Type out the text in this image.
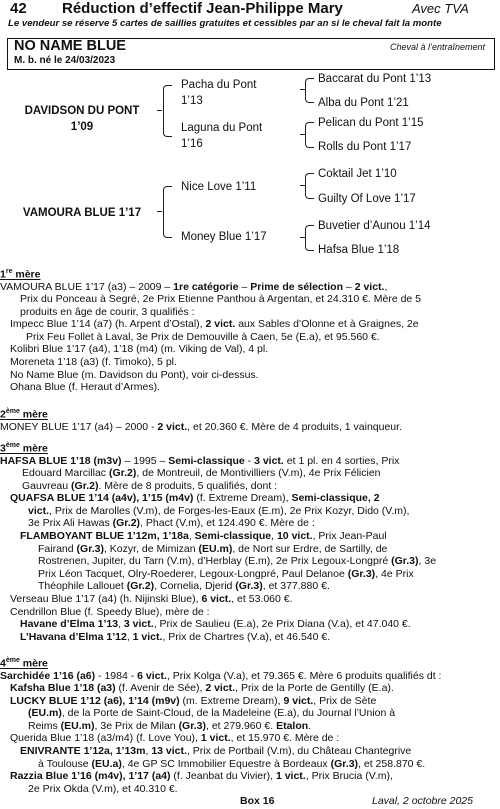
42 Réduction d’effectif Jean-Philippe Mary	Avec TVA
Le vendeur se réserve 5 cartes de saillies gratuites et cessibles par an si le cheval fait la monte
NO NAME BLUE	Cheval à l’entraînement
M. b. né le 24/03/2023
DAVIDSON DU PONT 1’09
VAMOURA BLUE 1’17
Pacha du Pont
1’13
Laguna du Pont
1’16
Nice Love 1’11
Money Blue 1’17
Baccarat du Pont 1’13
Alba du Pont 1’21
Pelican du Pont 1’15
Rolls du Pont 1’17
Coktail Jet 1’10
Guilty Of Love 1’17
Buvetier d’Aunou 1’14
Hafsa Blue 1’18
1re mère
VAMOURA BLUE 1’17 (a3) – 2009 – 1re catégorie – Prime de sélection – 2 vict.,
Prix du Ponceau à Segré, 2e Prix Etienne Panthou à Argentan, et 24.310 €. Mère de 5
produits en âge de courir, 3 qualifiés :
Impecc Blue 1’14 (a7) (h. Arpent d’Ostal), 2 vict. aux Sables d’Olonne et à Graignes, 2e
Prix Feu Follet à Laval, 3e Prix de Demouville à Caen, 5e (E.a), et 95.560 €.
Kolibri Blue 1’17 (a4), 1’18 (m4) (m. Viking de Val), 4 pl.
Moreneta 1’18 (a3) (f. Timoko), 5 pl.
No Name Blue (m. Davidson du Pont), voir ci-dessus.
Ohana Blue (f. Heraut d’Armes).
2ème mère
MONEY BLUE 1’17 (a4) – 2000 - 2 vict., et 20.360 €. Mère de 4 produits, 1 vainqueur.
3ème mère
HAFSA BLUE 1’18 (m3v) – 1995 – Semi-classique - 3 vict. et 1 pl. en 4 sorties, Prix
Edouard Marcillac (Gr.2), de Montreuil, de Montivilliers (V.m), 4e Prix Félicien
Gauvreau (Gr.2). Mère de 8 produits, 5 qualifiés, dont :
QUAFSA BLUE 1’14 (a4v), 1’15 (m4v) (f. Extreme Dream), Semi-classique, 2
vict., Prix de Marolles (V.m), de Forges-les-Eaux (E.m), 2e Prix Kozyr, Dido (V.m),
3e Prix Ali Hawas (Gr.2), Phact (V.m), et 124.490 €. Mère de :
FLAMBOYANT BLUE 1’12m, 1’18a, Semi-classique, 10 vict., Prix Jean-Paul
Fairand (Gr.3), Kozyr, de Mimizan (EU.m), de Nort sur Erdre, de Sartilly, de
Rostrenen, Jupiter, du Tarn (V.m), d’Herblay (E.m), 2e Prix Legoux-Longpré (Gr.3), 3e
Prix Léon Tacquet, Olry-Roederer, Legoux-Longpré, Paul Delanoe (Gr.3), 4e Prix
Théophile Lallouet (Gr.2), Cornelia, Djerid (Gr.3), et 377.880 €.
Verseau Blue 1’17 (a4) (h. Nijinski Blue), 6 vict., et 53.060 €.
Cendrillon Blue (f. Speedy Blue), mère de :
Havane d’Elma 1’13, 3 vict., Prix de Saulieu (E.a), 2e Prix Diana (V.a), et 47.040 €.
L’Havana d’Elma 1’12, 1 vict., Prix de Chartres (V.a), et 46.540 €.
4ème mère
Sarchidée 1’16 (a6) - 1984 - 6 vict., Prix Kolga (V.a), et 79.365 €. Mère 6 produits qualifiés dt :
Kafsha Blue 1’18 (a3) (f. Avenir de Sée), 2 vict., Prix de la Porte de Gentilly (E.a).
LUCKY BLUE 1’12 (a6), 1’14 (m9v) (m. Extreme Dream), 9 vict., Prix de Sète
(EU.m), de la Porte de Saint-Cloud, de la Madeleine (E.a), du Journal l’Union à
Reims (EU.m), 3e Prix de Milan (Gr.3), et 279.960 €. Etalon.
Querida Blue 1’18 (a3/m4) (f. Love You), 1 vict., et 15.970 €. Mère de :
ENIVRANTE 1’12a, 1’13m, 13 vict., Prix de Portbail (V.m), du Château Chantegrive
à Toulouse (EU.a), 4e GP SC Immobilier Equestre à Bordeaux (Gr.3), et 258.870 €.
Razzia Blue 1’16 (m4v), 1’17 (a4) (f. Jeanbat du Vivier), 1 vict., Prix Brucia (V.m),
2e Prix Okda (V.m), et 40.310 €.
Box 16	Laval, 2 octobre 2025
